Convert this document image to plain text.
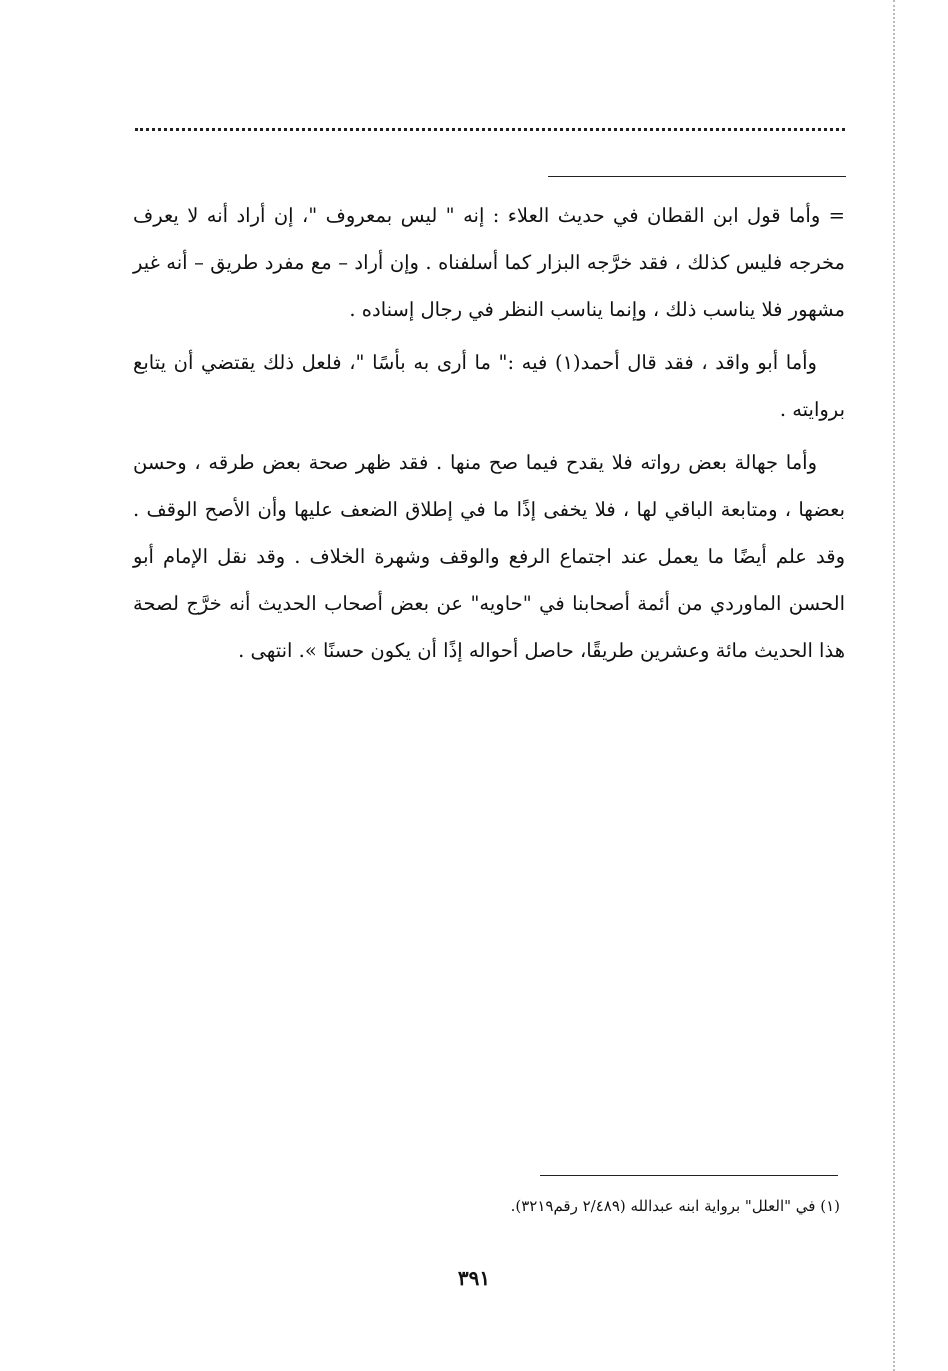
= وأما قول ابن القطان في حديث العلاء : إنه " ليس بمعروف "، إن أراد أنه لا يعرف مخرجه فليس كذلك ، فقد خرَّجه البزار كما أسلفناه . وإن أراد – مع مفرد طريق – أنه غير مشهور فلا يناسب ذلك ، وإنما يناسب النظر في رجال إسناده .

وأما أبو واقد ، فقد قال أحمد(١) فيه :" ما أرى به بأسًا "، فلعل ذلك يقتضي أن يتابع بروايته .

وأما جهالة بعض رواته فلا يقدح فيما صح منها . فقد ظهر صحة بعض طرقه ، وحسن بعضها ، ومتابعة الباقي لها ، فلا يخفى إذًا ما في إطلاق الضعف عليها وأن الأصح الوقف . وقد علم أيضًا ما يعمل عند اجتماع الرفع والوقف وشهرة الخلاف . وقد نقل الإمام أبو الحسن الماوردي من أئمة أصحابنا في "حاويه" عن بعض أصحاب الحديث أنه خرَّج لصحة هذا الحديث مائة وعشرين طريقًا، حاصل أحواله إذًا أن يكون حسنًا ». انتهى .

(١) في "العلل" برواية ابنه عبدالله (٢/٤٨٩ رقم٣٢١٩).
٣٩١
